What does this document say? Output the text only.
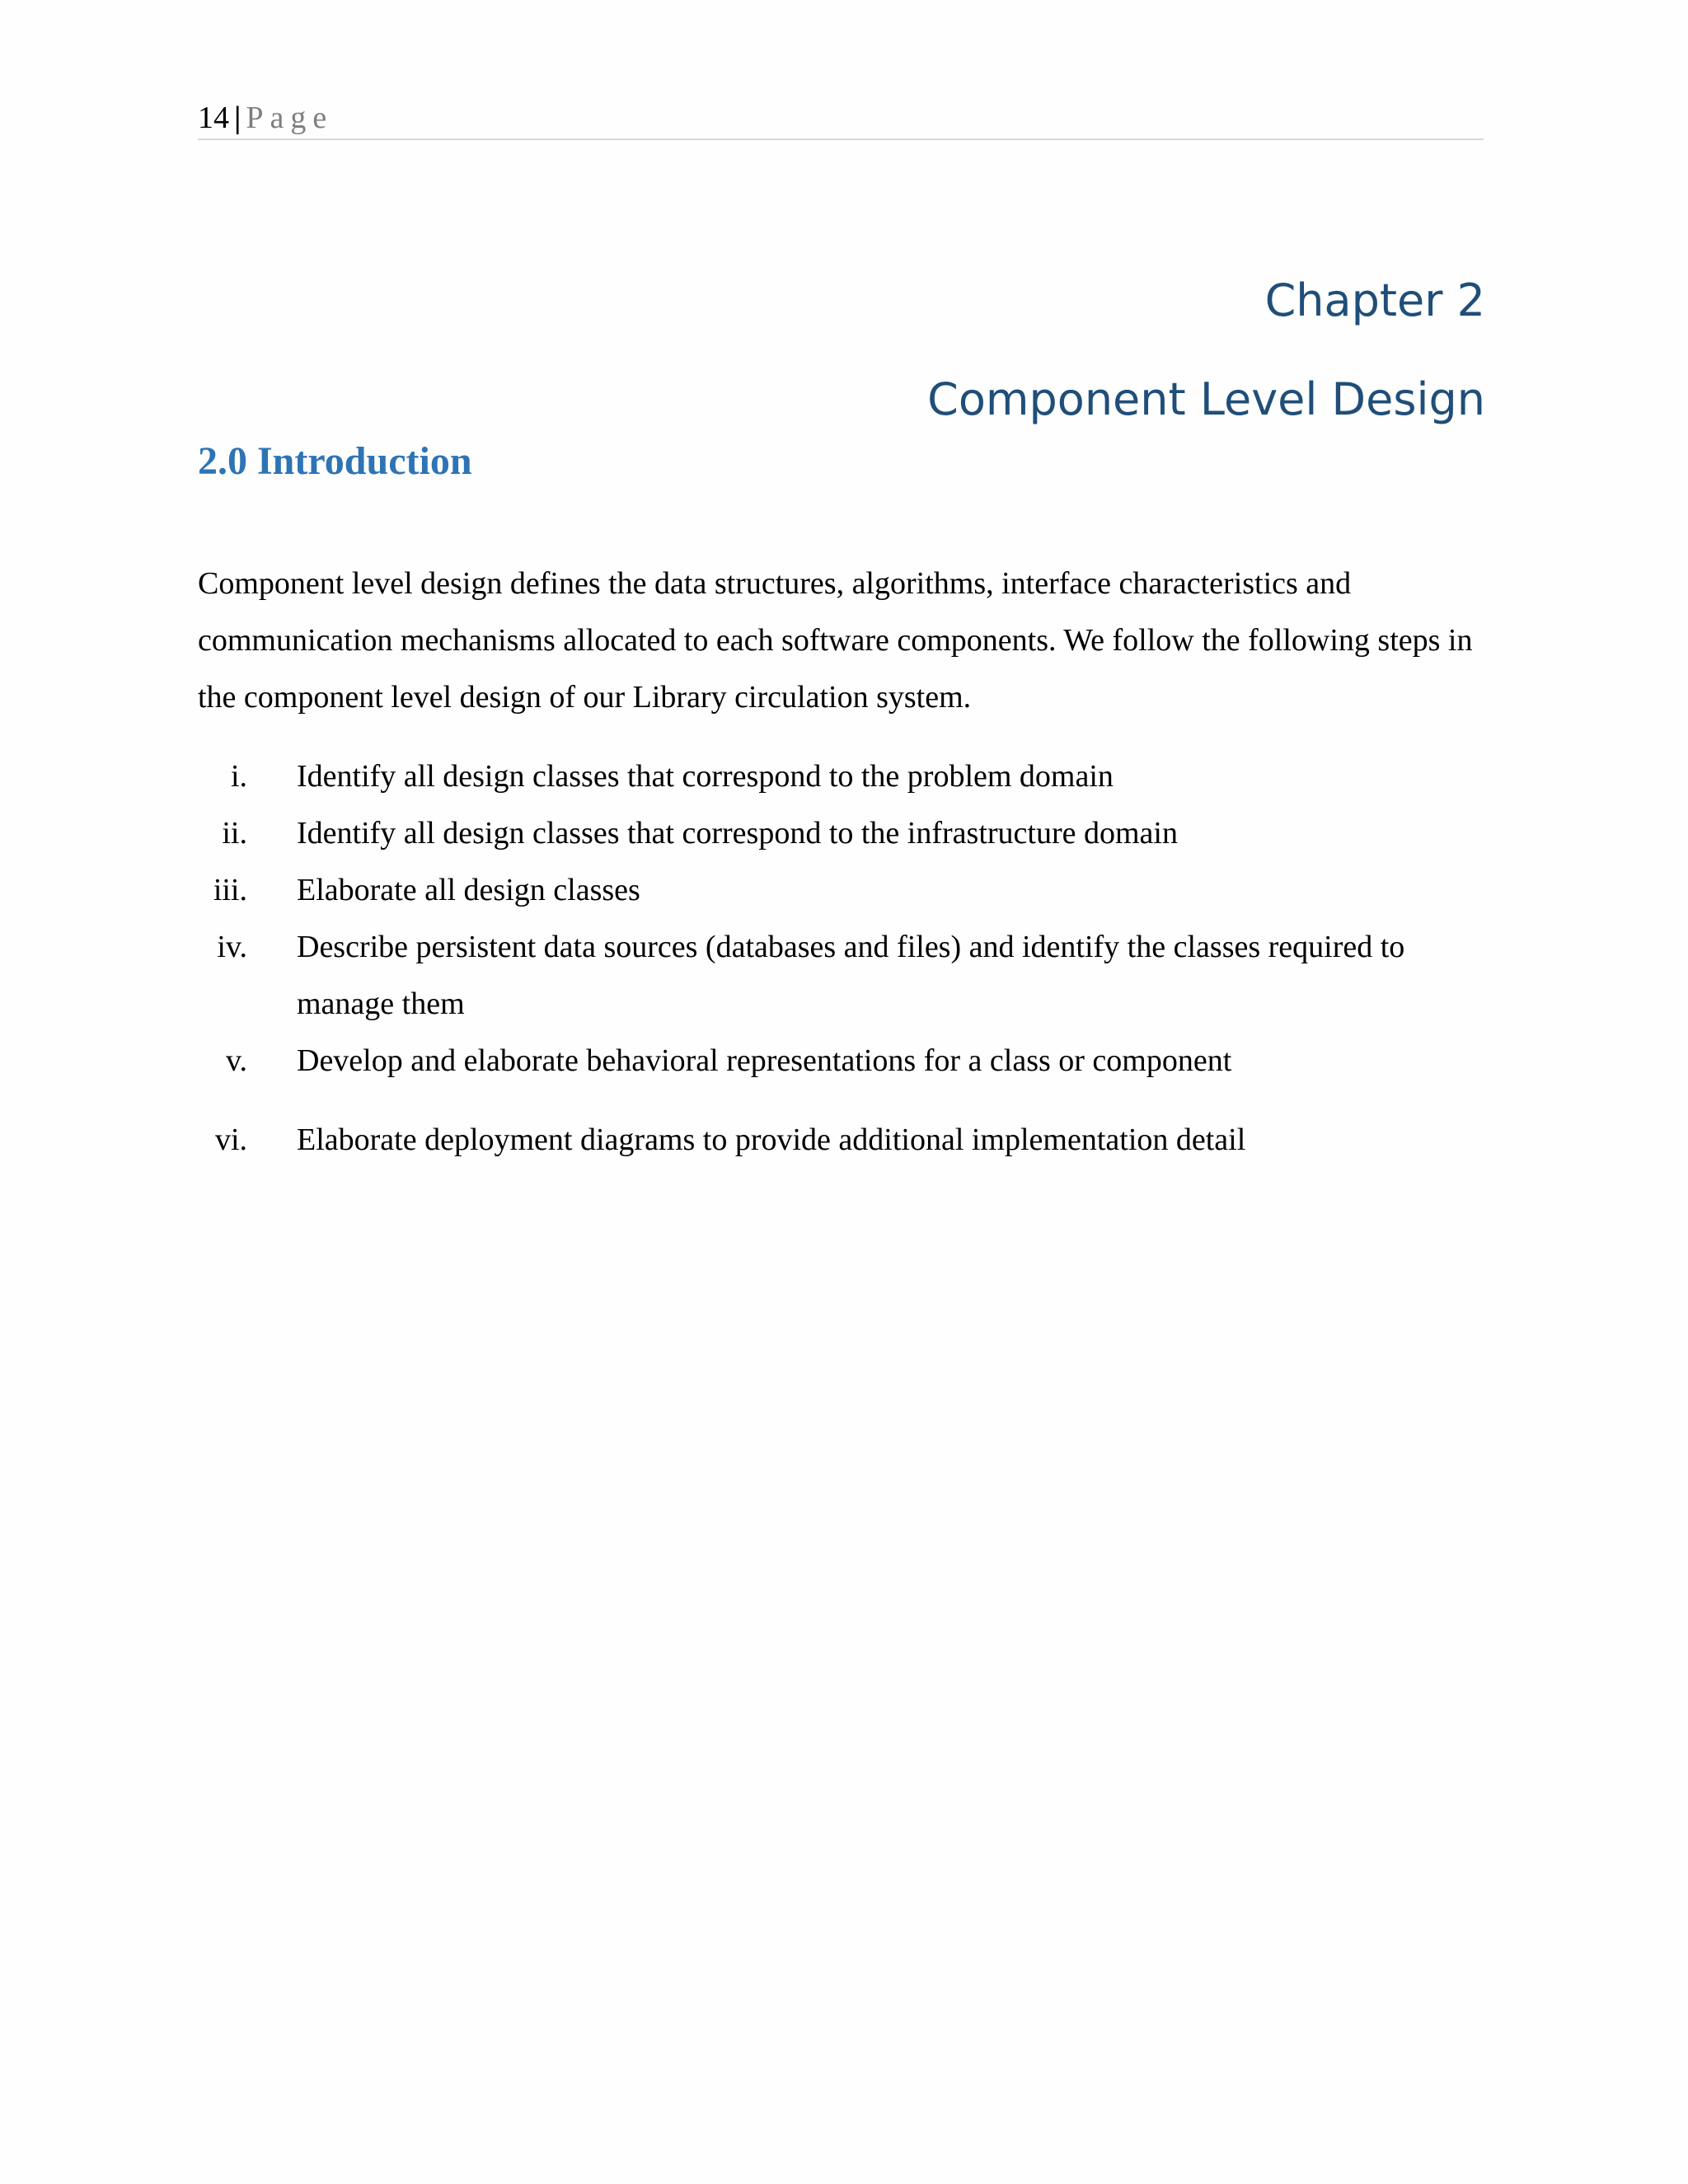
14 | Page
Chapter 2
Component Level Design
2.0 Introduction

Component level design defines the data structures, algorithms, interface characteristics and communication mechanisms allocated to each software components. We follow the following steps in the component level design of our Library circulation system.

i. Identify all design classes that correspond to the problem domain
ii. Identify all design classes that correspond to the infrastructure domain
iii. Elaborate all design classes
iv. Describe persistent data sources (databases and files) and identify the classes required to manage them
v. Develop and elaborate behavioral representations for a class or component
vi. Elaborate deployment diagrams to provide additional implementation detail
